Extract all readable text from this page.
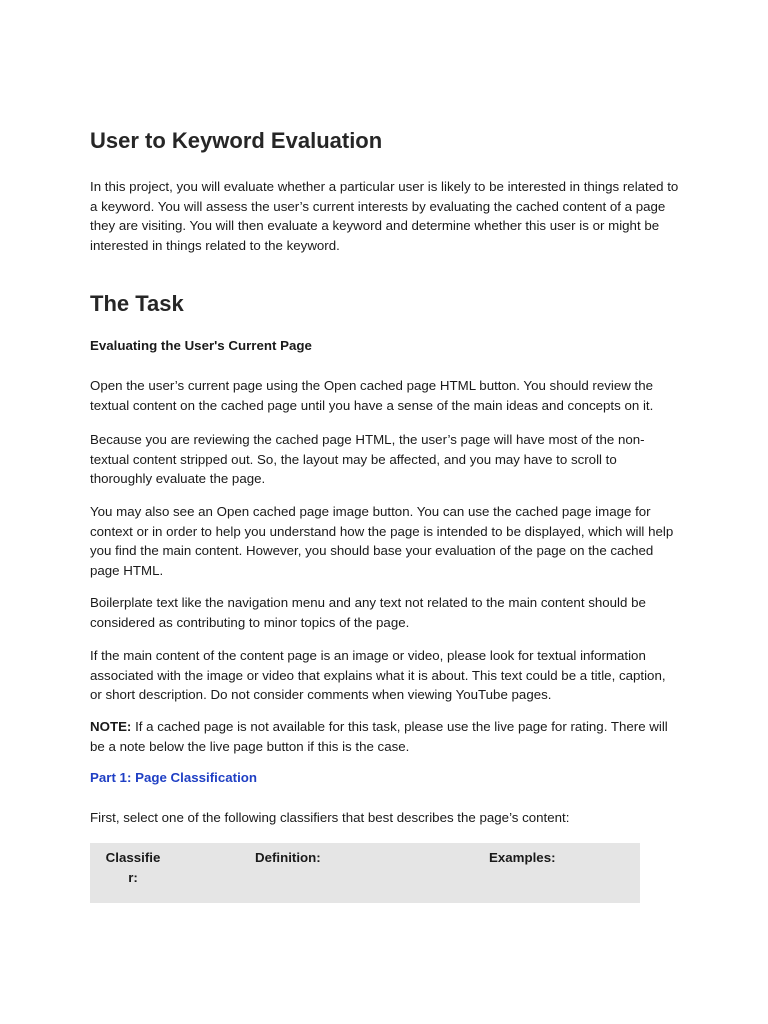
User to Keyword Evaluation

In this project, you will evaluate whether a particular user is likely to be interested in things related to a keyword. You will assess the user’s current interests by evaluating the cached content of a page they are visiting. You will then evaluate a keyword and determine whether this user is or might be interested in things related to the keyword.

The Task

Evaluating the User's Current Page

Open the user’s current page using the Open cached page HTML button. You should review the textual content on the cached page until you have a sense of the main ideas and concepts on it.

Because you are reviewing the cached page HTML, the user’s page will have most of the non-textual content stripped out. So, the layout may be affected, and you may have to scroll to thoroughly evaluate the page.

You may also see an Open cached page image button. You can use the cached page image for context or in order to help you understand how the page is intended to be displayed, which will help you find the main content. However, you should base your evaluation of the page on the cached page HTML.

Boilerplate text like the navigation menu and any text not related to the main content should be considered as contributing to minor topics of the page.

If the main content of the content page is an image or video, please look for textual information associated with the image or video that explains what it is about. This text could be a title, caption, or short description. Do not consider comments when viewing YouTube pages.

NOTE: If a cached page is not available for this task, please use the live page for rating. There will be a note below the live page button if this is the case.

Part 1: Page Classification

First, select one of the following classifiers that best describes the page’s content:

Classifier:

Definition:	Examples:
